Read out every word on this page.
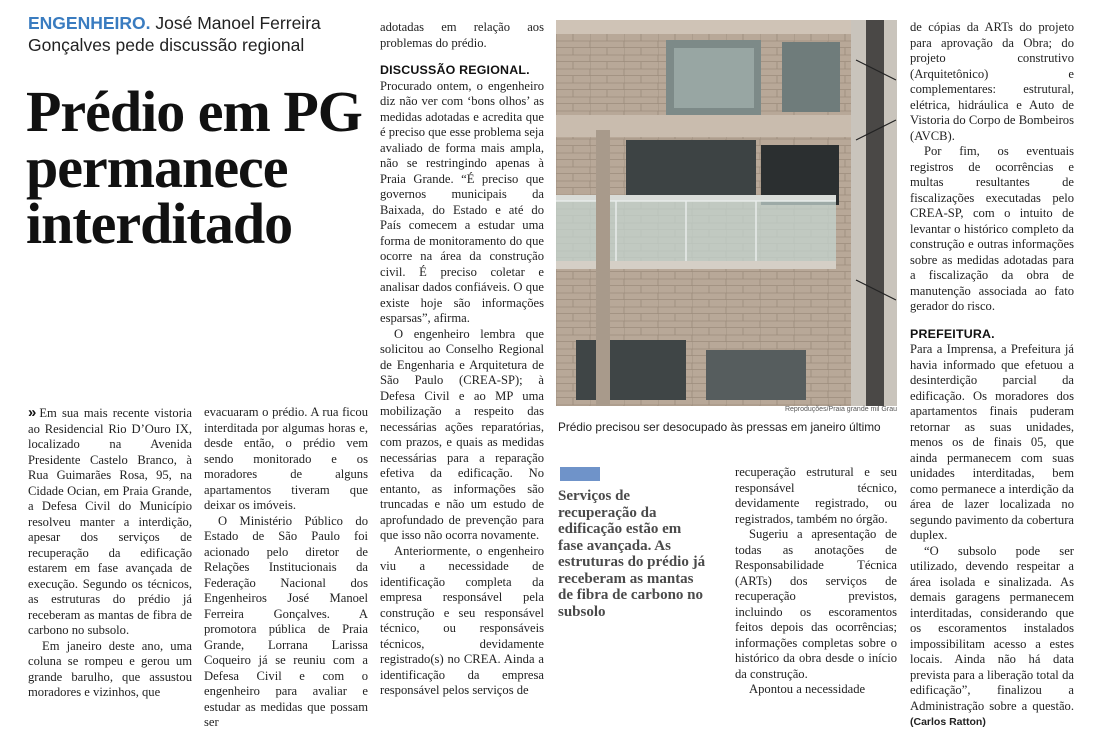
ENGENHEIRO. José Manoel Ferreira Gonçalves pede discussão regional
Prédio em PG permanece interditado

» Em sua mais recente vistoria ao Residencial Rio D’Ouro IX, localizado na Avenida Presidente Castelo Branco, à Rua Guimarães Rosa, 95, na Cidade Ocian, em Praia Grande, a Defesa Civil do Município resolveu manter a interdição, apesar dos serviços de recuperação da edificação estarem em fase avançada de execução. Segundo os técnicos, as estruturas do prédio já receberam as mantas de fibra de carbono no subsolo.

Em janeiro deste ano, uma coluna se rompeu e gerou um grande barulho, que assustou moradores e vizinhos, que

evacuaram o prédio. A rua ficou interditada por algumas horas e, desde então, o prédio vem sendo monitorado e os moradores de alguns apartamentos tiveram que deixar os imóveis.

O Ministério Público do Estado de São Paulo foi acionado pelo diretor de Relações Institucionais da Federação Nacional dos Engenheiros José Manoel Ferreira Gonçalves. A promotora pública de Praia Grande, Lorrana Larissa Coqueiro já se reuniu com a Defesa Civil e com o engenheiro para avaliar e estudar as medidas que possam ser

adotadas em relação aos problemas do prédio.

DISCUSSÃO REGIONAL.

Procurado ontem, o engenheiro diz não ver com ‘bons olhos’ as medidas adotadas e acredita que é preciso que esse problema seja avaliado de forma mais ampla, não se restringindo apenas à Praia Grande. “É preciso que governos municipais da Baixada, do Estado e até do País comecem a estudar uma forma de monitoramento do que ocorre na área da construção civil. É preciso coletar e analisar dados confiáveis. O que existe hoje são informações esparsas”, afirma.

O engenheiro lembra que solicitou ao Conselho Regional de Engenharia e Arquitetura de São Paulo (CREA-SP); à Defesa Civil e ao MP uma mobilização a respeito das necessárias ações reparatórias, com prazos, e quais as medidas necessárias para a reparação efetiva da edificação. No entanto, as informações são truncadas e não um estudo de aprofundado de prevenção para que isso não ocorra novamente.

Anteriormente, o engenheiro viu a necessidade de identificação completa da empresa responsável pela construção e seu responsável técnico, ou responsáveis técnicos, devidamente registrado(s) no CREA. Ainda a identificação da empresa responsável pelos serviços de

Reproduções/Praia grande mil Grau
Prédio precisou ser desocupado às pressas em janeiro último
Serviços de recuperação da edificação estão em fase avançada. As estruturas do prédio já receberam as mantas de fibra de carbono no subsolo

recuperação estrutural e seu responsável técnico, devidamente registrado, ou registrados, também no órgão.

Sugeriu a apresentação de todas as anotações de Responsabilidade Técnica (ARTs) dos serviços de recuperação previstos, incluindo os escoramentos feitos depois das ocorrências; informações completas sobre o histórico da obra desde o início da construção.

Apontou a necessidade

de cópias da ARTs do projeto para aprovação da Obra; do projeto construtivo (Arquitetônico) e complementares: estrutural, elétrica, hidráulica e Auto de Vistoria do Corpo de Bombeiros (AVCB).

Por fim, os eventuais registros de ocorrências e multas resultantes de fiscalizações executadas pelo CREA-SP, com o intuito de levantar o histórico completo da construção e outras informações sobre as medidas adotadas para a fiscalização da obra de manutenção associada ao fato gerador do risco.

PREFEITURA.

Para a Imprensa, a Prefeitura já havia informado que efetuou a desinterdição parcial da edificação. Os moradores dos apartamentos finais puderam retornar as suas unidades, menos os de finais 05, que ainda permanecem com suas unidades interditadas, bem como permanece a interdição da área de lazer localizada no segundo pavimento da cobertura duplex.

“O subsolo pode ser utilizado, devendo respeitar a área isolada e sinalizada. As demais garagens permanecem interditadas, considerando que os escoramentos instalados impossibilitam acesso a estes locais. Ainda não há data prevista para a liberação total da edificação”, finalizou a Administração sobre a questão. (Carlos Ratton)
